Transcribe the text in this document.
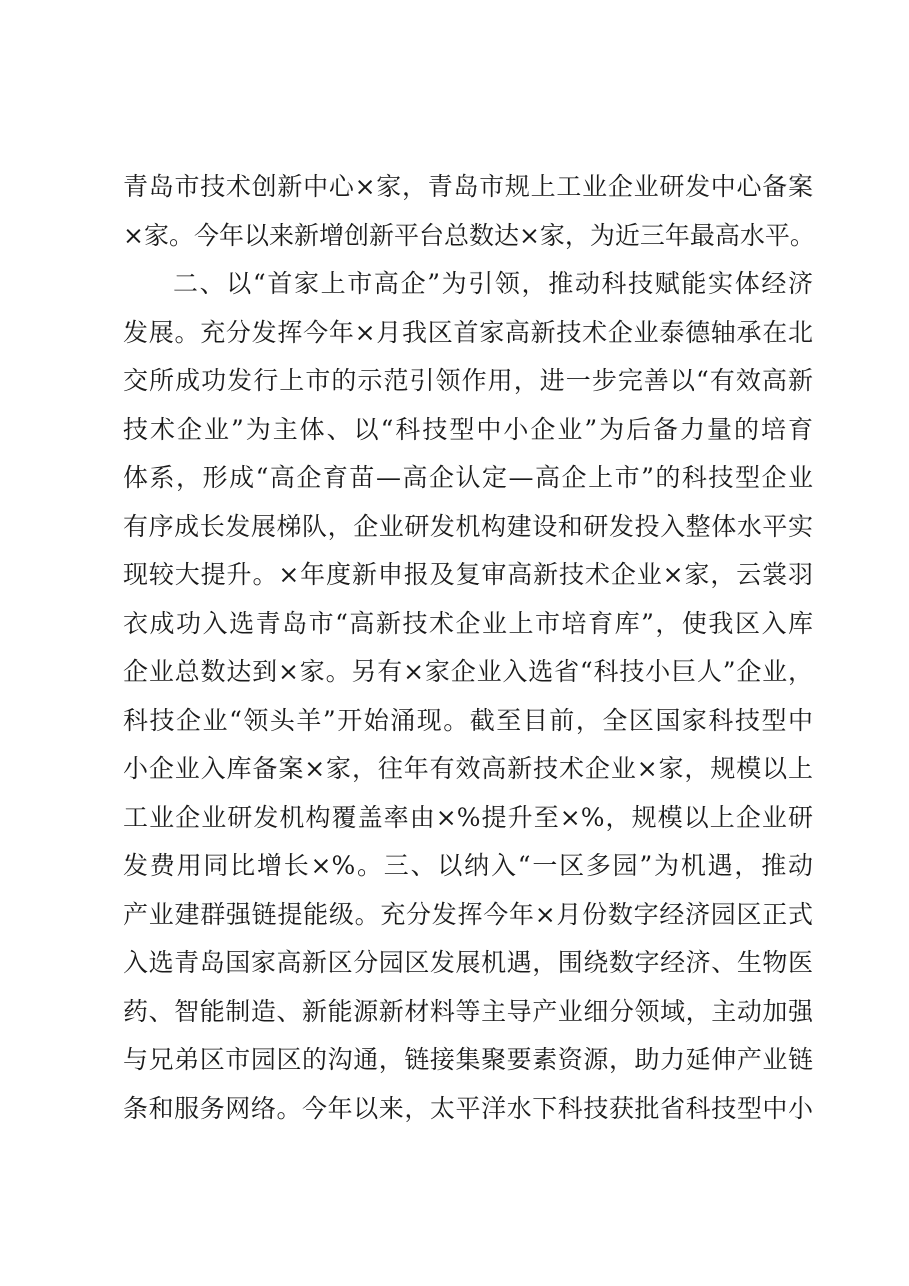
青岛市技术创新中心×家，青岛市规上工业企业研发中心备案
×家。今年以来新增创新平台总数达×家，为近三年最高水平。
二、以“首家上市高企”为引领，推动科技赋能实体经济
发展。充分发挥今年×月我区首家高新技术企业泰德轴承在北
交所成功发行上市的示范引领作用，进一步完善以“有效高新
技术企业”为主体、以“科技型中小企业”为后备力量的培育
体系，形成“高企育苗—高企认定—高企上市”的科技型企业
有序成长发展梯队，企业研发机构建设和研发投入整体水平实
现较大提升。×年度新申报及复审高新技术企业×家，云裳羽
衣成功入选青岛市“高新技术企业上市培育库”，使我区入库
企业总数达到×家。另有×家企业入选省“科技小巨人”企业，
科技企业“领头羊”开始涌现。截至目前，全区国家科技型中
小企业入库备案×家，往年有效高新技术企业×家，规模以上
工业企业研发机构覆盖率由×%提升至×%，规模以上企业研
发费用同比增长×%。三、以纳入“一区多园”为机遇，推动
产业建群强链提能级。充分发挥今年×月份数字经济园区正式
入选青岛国家高新区分园区发展机遇，围绕数字经济、生物医
药、智能制造、新能源新材料等主导产业细分领域，主动加强
与兄弟区市园区的沟通，链接集聚要素资源，助力延伸产业链
条和服务网络。今年以来，太平洋水下科技获批省科技型中小
